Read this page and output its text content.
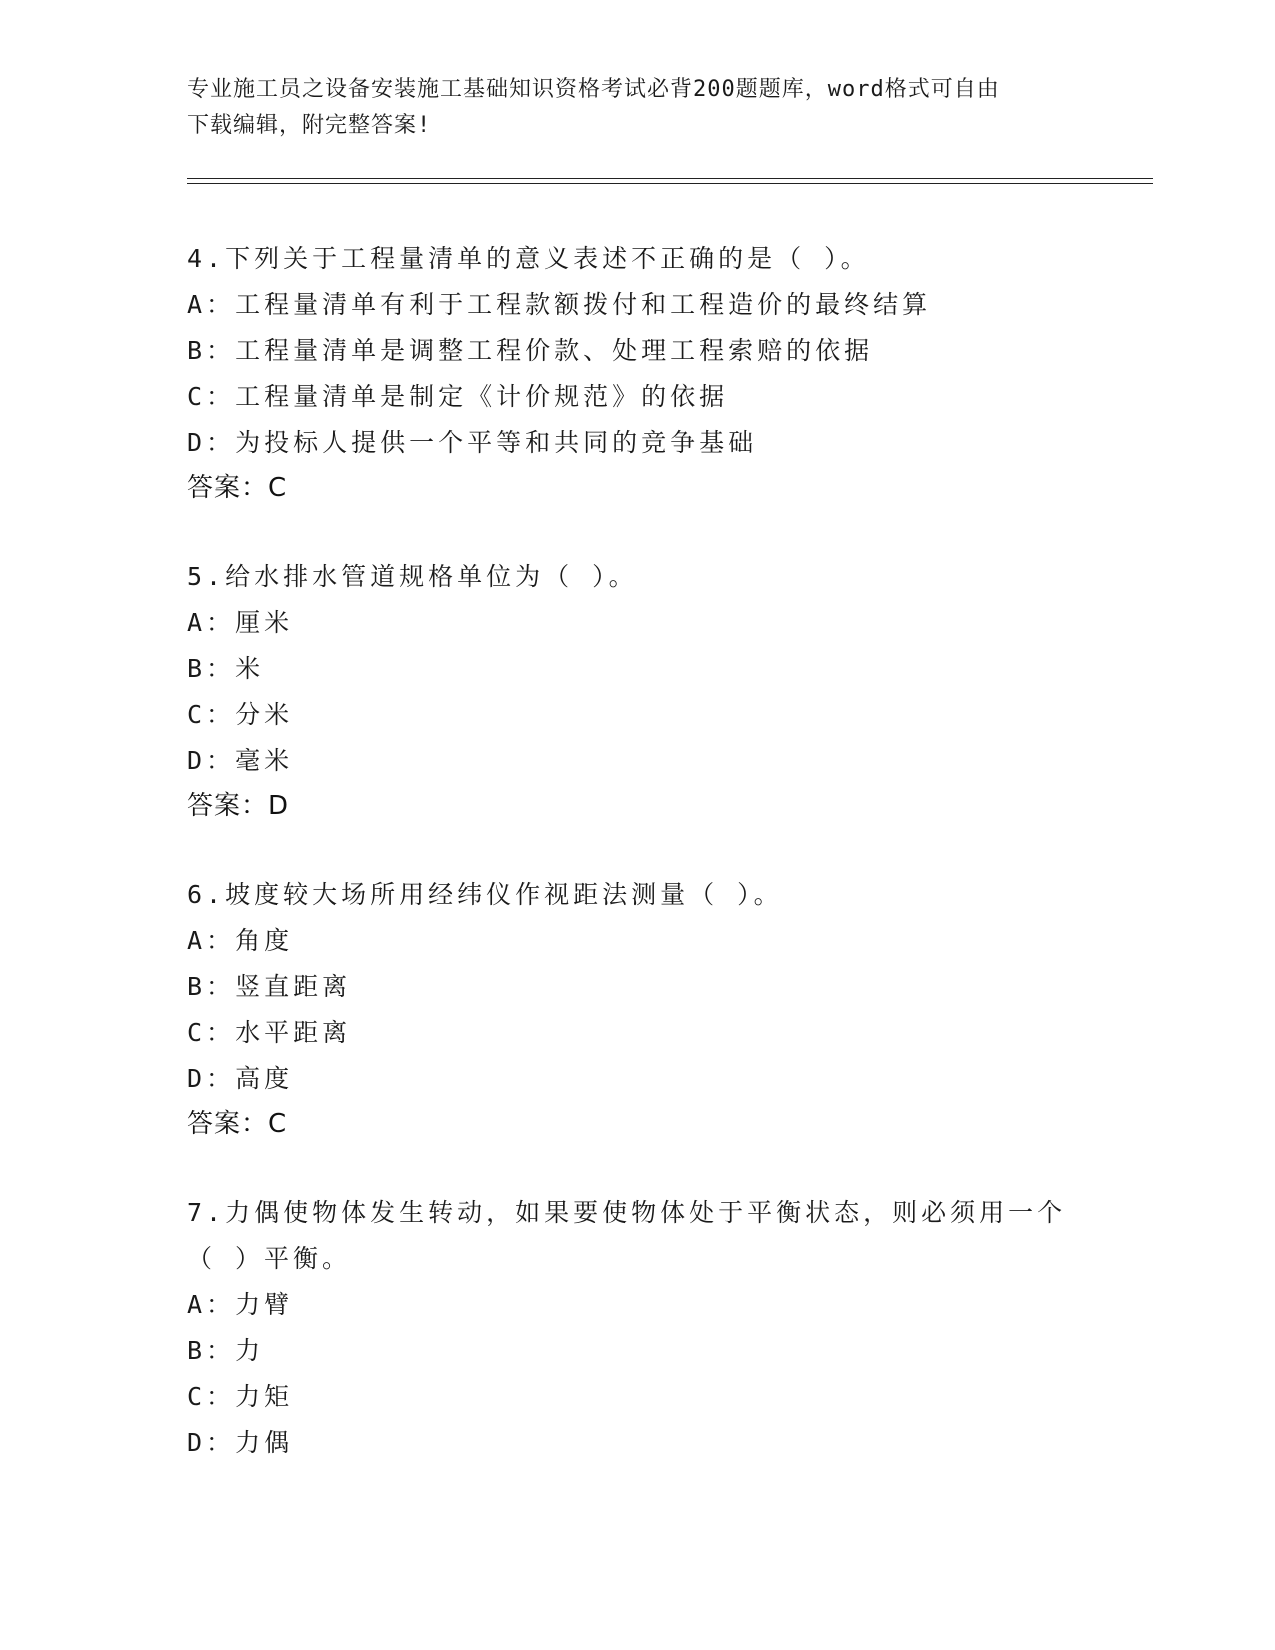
专业施工员之设备安装施工基础知识资格考试必背200题题库，word格式可自由
下载编辑，附完整答案!
4.下列关于工程量清单的意义表述不正确的是（ ）。
A：工程量清单有利于工程款额拨付和工程造价的最终结算
B：工程量清单是调整工程价款、处理工程索赔的依据
C：工程量清单是制定《计价规范》的依据
D：为投标人提供一个平等和共同的竞争基础
答案：C
5.给水排水管道规格单位为（ ）。
A：厘米
B：米
C：分米
D：毫米
答案：D
6.坡度较大场所用经纬仪作视距法测量（ ）。
A：角度
B：竖直距离
C：水平距离
D：高度
答案：C
7.力偶使物体发生转动，如果要使物体处于平衡状态，则必须用一个（ ）平衡。
A：力臂
B：力
C：力矩
D：力偶
